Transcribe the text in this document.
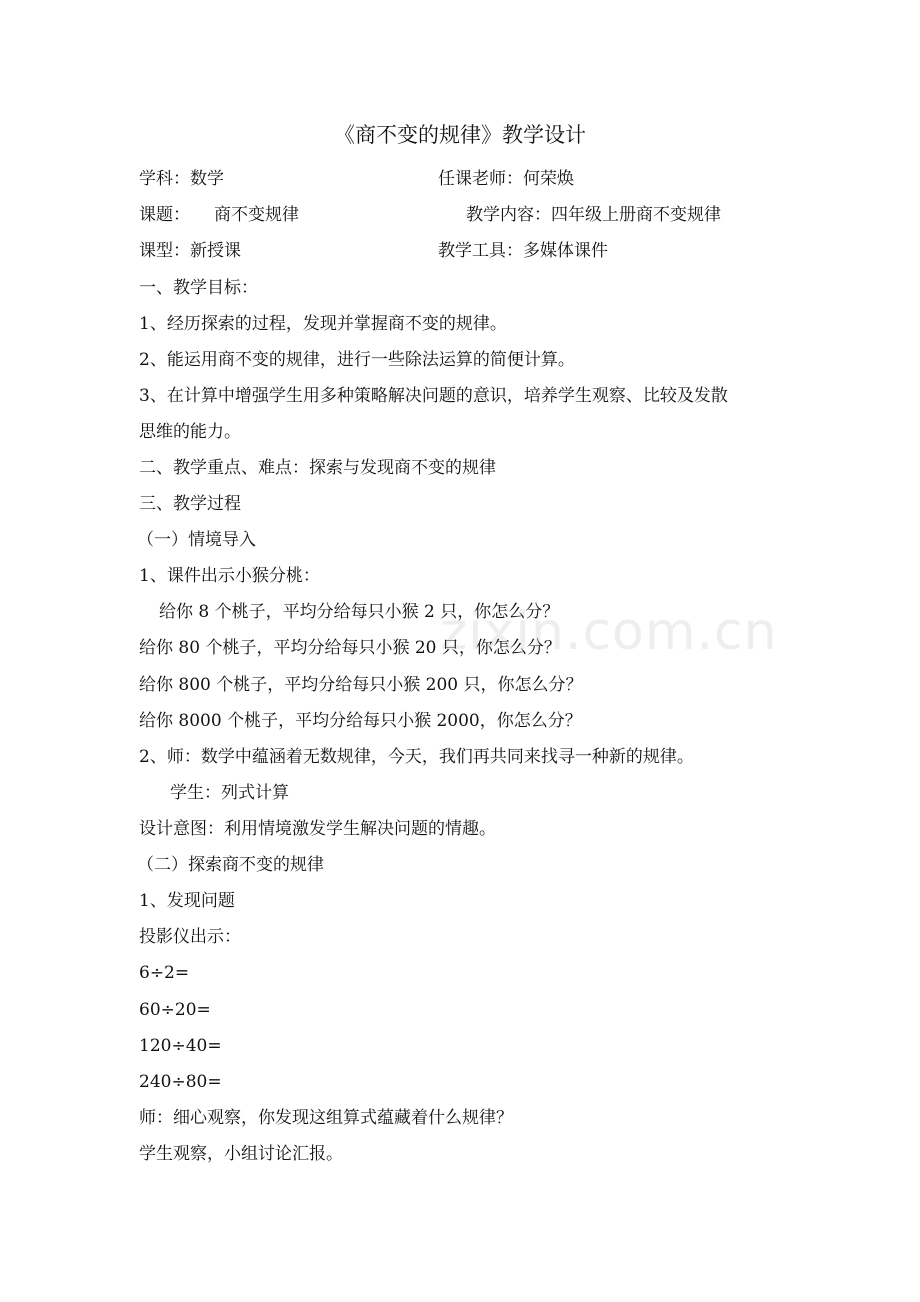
《商不变的规律》教学设计
学科：数学	任课老师：何荣焕
课题： 商不变规律	教学内容：四年级上册商不变规律
课型：新授课	教学工具：多媒体课件
一、教学目标：
1、经历探索的过程，发现并掌握商不变的规律。
2、能运用商不变的规律，进行一些除法运算的简便计算。
3、在计算中增强学生用多种策略解决问题的意识，培养学生观察、比较及发散
思维的能力。
二、教学重点、难点：探索与发现商不变的规律
三、教学过程
（一）情境导入
1、课件出示小猴分桃：
给你 8 个桃子，平均分给每只小猴 2 只，你怎么分？
给你 80 个桃子，平均分给每只小猴 20 只，你怎么分？
给你 800 个桃子，平均分给每只小猴 200 只，你怎么分？
给你 8000 个桃子，平均分给每只小猴 2000，你怎么分？
2、师：数学中蕴涵着无数规律，今天，我们再共同来找寻一种新的规律。
学生：列式计算
设计意图：利用情境激发学生解决问题的情趣。
（二）探索商不变的规律
1、发现问题
投影仪出示：
6÷2=
60÷20=
120÷40=
240÷80=
师：细心观察，你发现这组算式蕴藏着什么规律？
学生观察，小组讨论汇报。
zixin.com.cn
